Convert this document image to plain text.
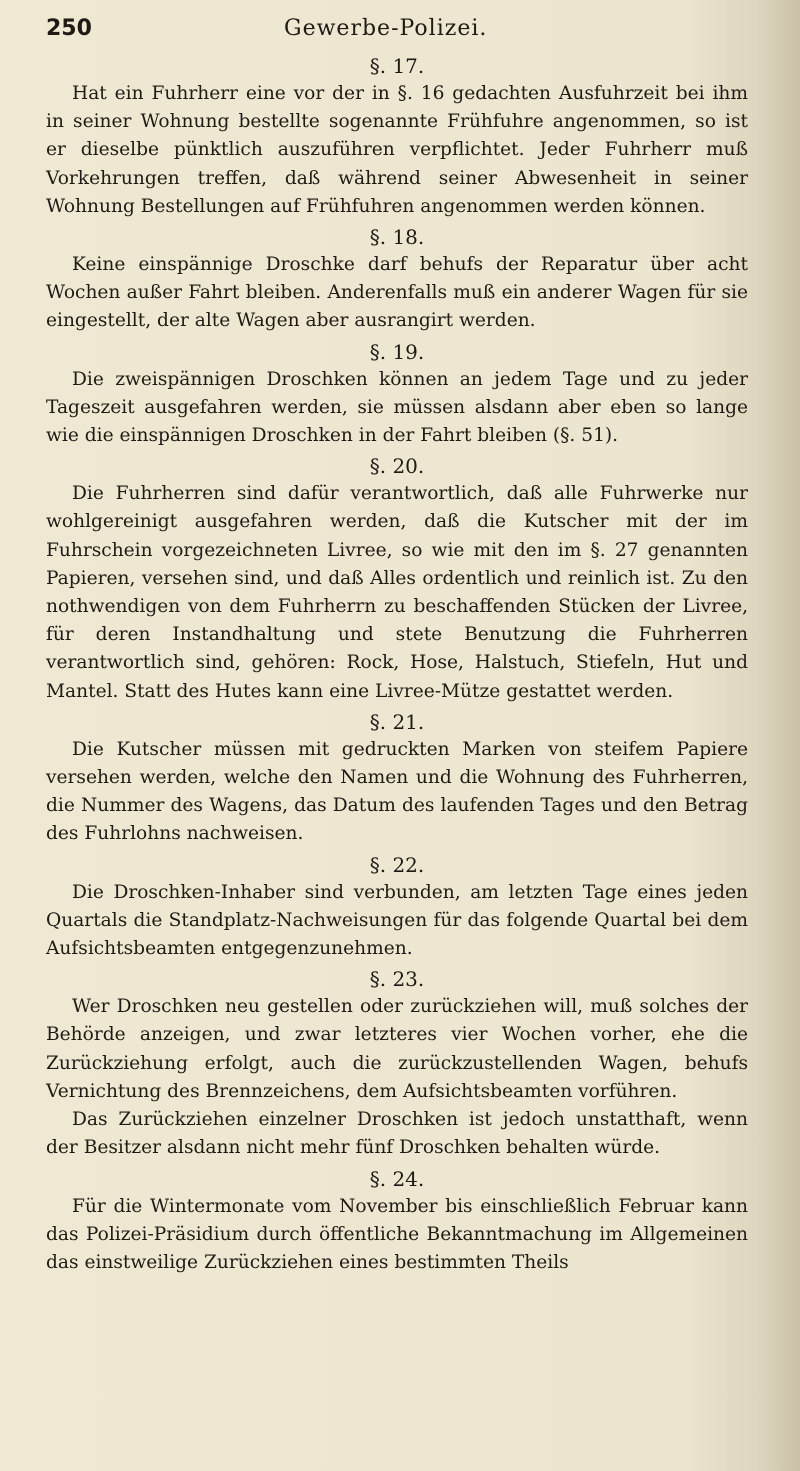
250	Gewerbe-Polizei.
§. 17.

Hat ein Fuhrherr eine vor der in §. 16 gedachten Ausfuhrzeit bei ihm in seiner Wohnung bestellte sogenannte Frühfuhre angenommen, so ist er dieselbe pünktlich auszuführen verpflichtet. Jeder Fuhrherr muß Vorkehrungen treffen, daß während seiner Abwesenheit in seiner Wohnung Bestellungen auf Frühfuhren angenommen werden können.

§. 18.

Keine einspännige Droschke darf behufs der Reparatur über acht Wochen außer Fahrt bleiben. Anderenfalls muß ein anderer Wagen für sie eingestellt, der alte Wagen aber ausrangirt werden.

§. 19.

Die zweispännigen Droschken können an jedem Tage und zu jeder Tageszeit ausgefahren werden, sie müssen alsdann aber eben so lange wie die einspännigen Droschken in der Fahrt bleiben (§. 51).

§. 20.

Die Fuhrherren sind dafür verantwortlich, daß alle Fuhrwerke nur wohlgereinigt ausgefahren werden, daß die Kutscher mit der im Fuhrschein vorgezeichneten Livree, so wie mit den im §. 27 genannten Papieren, versehen sind, und daß Alles ordentlich und reinlich ist. Zu den nothwendigen von dem Fuhrherrn zu beschaffenden Stücken der Livree, für deren Instandhaltung und stete Benutzung die Fuhrherren verantwortlich sind, gehören: Rock, Hose, Halstuch, Stiefeln, Hut und Mantel. Statt des Hutes kann eine Livree-Mütze gestattet werden.

§. 21.

Die Kutscher müssen mit gedruckten Marken von steifem Papiere versehen werden, welche den Namen und die Wohnung des Fuhrherren, die Nummer des Wagens, das Datum des laufenden Tages und den Betrag des Fuhrlohns nachweisen.

§. 22.

Die Droschken-Inhaber sind verbunden, am letzten Tage eines jeden Quartals die Standplatz-Nachweisungen für das folgende Quartal bei dem Aufsichtsbeamten entgegenzunehmen.

§. 23.

Wer Droschken neu gestellen oder zurückziehen will, muß solches der Behörde anzeigen, und zwar letzteres vier Wochen vorher, ehe die Zurückziehung erfolgt, auch die zurückzustellenden Wagen, behufs Vernichtung des Brennzeichens, dem Aufsichtsbeamten vorführen.

Das Zurückziehen einzelner Droschken ist jedoch unstatthaft, wenn der Besitzer alsdann nicht mehr fünf Droschken behalten würde.

§. 24.

Für die Wintermonate vom November bis einschließlich Februar kann das Polizei-Präsidium durch öffentliche Bekanntmachung im Allgemeinen das einstweilige Zurückziehen eines bestimmten Theils
